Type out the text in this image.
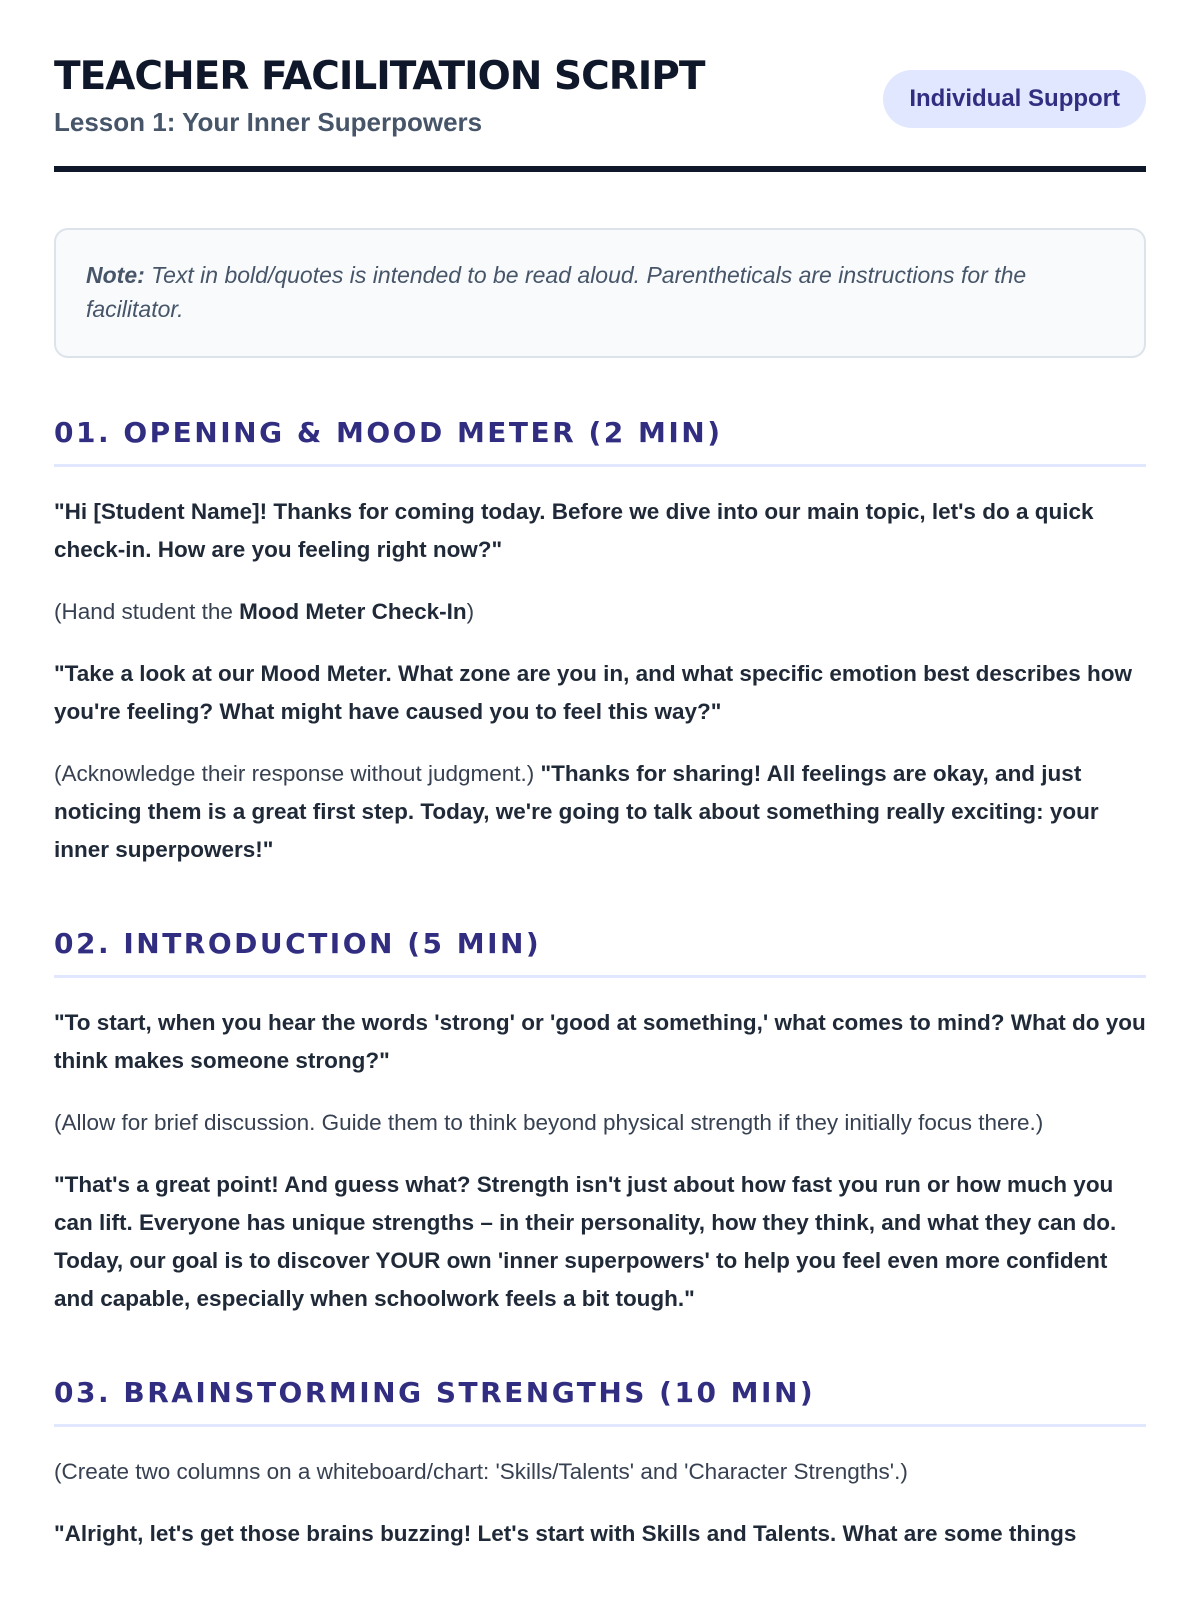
TEACHER FACILITATION SCRIPT
Lesson 1: Your Inner Superpowers
Individual Support
Note: Text in bold/quotes is intended to be read aloud. Parentheticals are instructions for the facilitator.
01. OPENING & MOOD METER (2 MIN)

"Hi [Student Name]! Thanks for coming today. Before we dive into our main topic, let's do a quick check-in. How are you feeling right now?"

(Hand student the Mood Meter Check-In)

"Take a look at our Mood Meter. What zone are you in, and what specific emotion best describes how you're feeling? What might have caused you to feel this way?"

(Acknowledge their response without judgment.) "Thanks for sharing! All feelings are okay, and just noticing them is a great first step. Today, we're going to talk about something really exciting: your inner superpowers!"

02. INTRODUCTION (5 MIN)

"To start, when you hear the words 'strong' or 'good at something,' what comes to mind? What do you think makes someone strong?"

(Allow for brief discussion. Guide them to think beyond physical strength if they initially focus there.)

"That's a great point! And guess what? Strength isn't just about how fast you run or how much you can lift. Everyone has unique strengths – in their personality, how they think, and what they can do. Today, our goal is to discover YOUR own 'inner superpowers' to help you feel even more confident and capable, especially when schoolwork feels a bit tough."

03. BRAINSTORMING STRENGTHS (10 MIN)

(Create two columns on a whiteboard/chart: 'Skills/Talents' and 'Character Strengths'.)

"Alright, let's get those brains buzzing! Let's start with Skills and Talents. What are some things
